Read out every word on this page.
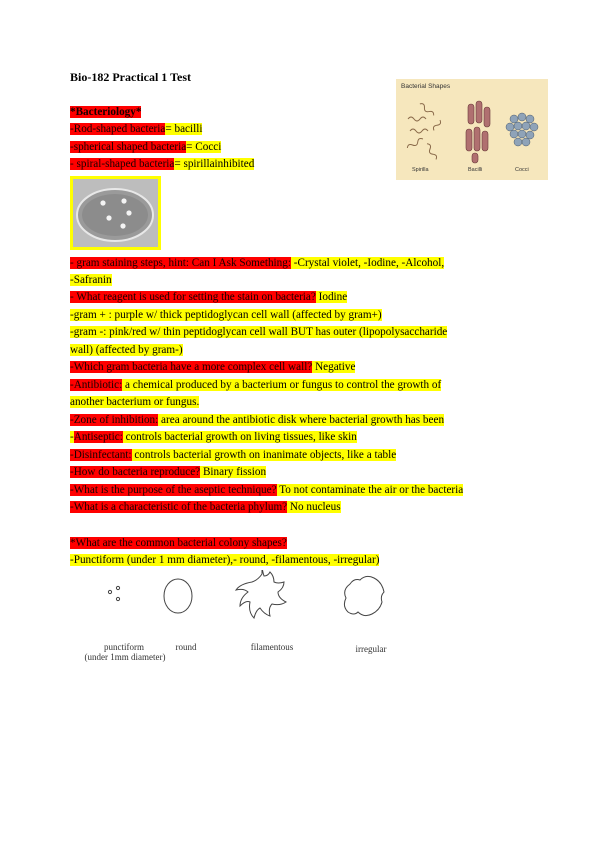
Bio-182 Practical 1 Test
Bacterial Shapes
Spirilla	Bacilli	Cocci
*Bacteriology*
-Rod-shaped bacteria= bacilli
-spherical shaped bacteria= Cocci
- spiral-shaped bacteria= spirillainhibited
- gram staining steps, hint: Can I Ask Something: -Crystal violet, -Iodine, -Alcohol,
-Safranin
- What reagent is used for setting the stain on bacteria? Iodine
-gram + : purple w/ thick peptidoglycan cell wall (affected by gram+)
-gram -: pink/red w/ thin peptidoglycan cell wall BUT has outer (lipopolysaccharide
wall) (affected by gram-)
-Which gram bacteria have a more complex cell wall? Negative
-Antibiotic: a chemical produced by a bacterium or fungus to control the growth of
another bacterium or fungus.
-Zone of inhibition: area around the antibiotic disk where bacterial growth has been
-Antiseptic: controls bacterial growth on living tissues, like skin
-Disinfectant: controls bacterial growth on inanimate objects, like a table
-How do bacteria reproduce? Binary fission
-What is the purpose of the aseptic technique? To not contaminate the air or the bacteria
-What is a characteristic of the bacteria phylum? No nucleus
*What are the common bacterial colony shapes?
-Punctiform (under 1 mm diameter),- round, -filamentous, -irregular)
punctiform
(under 1mm diameter)
round	filamentous	irregular
